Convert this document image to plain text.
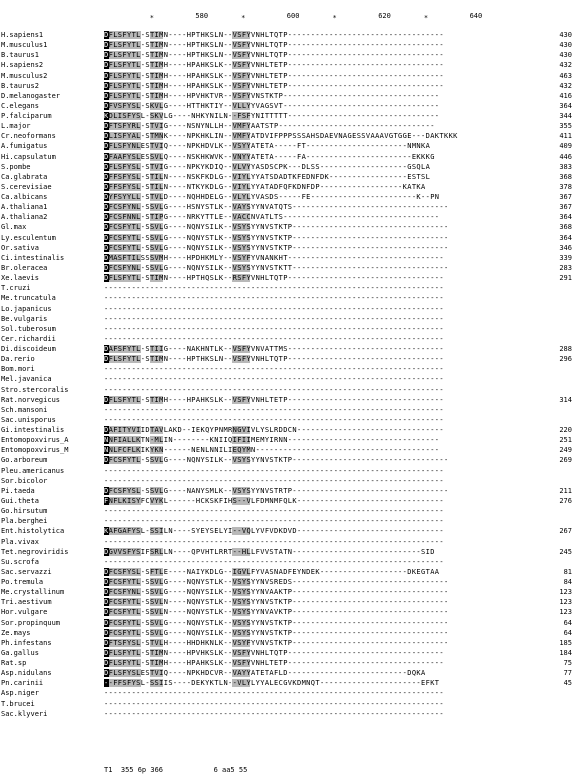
*	580	*	600	*	620	*	640
H.sapiens1	DFLSFYTL-STIMN----HPTHKSLN--VSFYVNHLTQTP----------------------------------	430
M.musculus1	DFLSFYTL-STIMN----HPTHKSLN--VSFYVNHLTQTP----------------------------------	430
B.taurus1	DFLSFYTL-STIMN----HPTHKSLN--VSFYVNHLTQTP----------------------------------	430
H.sapiens2	DFLSFYTL-STIMH----HPAHKSLK--VSFYVNHLTETP----------------------------------	432
M.musculus2	DFLSFYTL-STIMH----HPAHKSLK--VSFYVNHLTETP----------------------------------	463
B.taurus2	DFLSFYTL-STIMH----HPAHKSLK--VSFYVNHLTETP----------------------------------	432
D.melanogaster	DFLSFYTL-STIMH----HPVHKTVR--VSFYVNSTKTP----------------------------------	416
C.elegans	DFVSFYSL-SKVLG----HTTHKTIY--VLLYYVAGSVT----------------------------------	364
P.falciparum	KDLISFYSL-SKVLG----NHKYNILN--FSFYNITTTTT---------------------------------	344
L.major	DFTSFYRL-STVIG----NSNYNLLH--VMFYAATSTP----------------------------------	355
Cr.neoformans	DLISFYAL-STMNK----NPKHKLIN--VMFYATDVIFPPPSSSAHSDAEVNAGESSVAAAVGTGGE---DAKTKKK	411
A.fumigatus	DFLSFYNLESTVIQ----NPKHDVLK--VSYYATETA-----FT----------------------NMNKA	409
Hi.capsulatum	DFAAFYSLESSVLQ----NSKHKWVK--VNYYATETA-----FA-----------------------EKKKG	446
S.pombe	DFLSFYSL-STVIG----NPKYKDIQ--VLVYYASDSCPK---DLSS-------------------GSQLA	383
Ca.glabrata	DFFSFYSL-STILN----NSKFKDLG--VIYLYYATSDADTKFEDNFDK-----------------ESTSL	368
S.cerevisiae	DFFSFYSL-STILN----NTKYKDLG--VIYLYYATADFQFKDNFDP------------------KATKA	378
Ca.albicans	DYFSYYLL-STVLD----NQHHDELG--VLYLYVASDS-----FE-----------------------K--PN	367
A.thaliana1	DFCSFYNL-SSVLG----HSNYSTLK--VAYSYYNVATQTS----------------------------------	367
A.thaliana2	DFCSFNNL-STIPG----NRKYTTLE--VACCNVATLTS----------------------------------	364
Gl.max	DFCSFYTL-SSVLG----NQNYSILK--VSYSYYNVSTKTP----------------------------------	368
Ly.esculentum	DFCSFYTL-SSVLG----NQNYSTLK--VSYSYYNVSTKTP----------------------------------	364
Or.sativa	DFCSFYTL-SSVLG----NQNYSILK--VSYSYYNVSTKTP----------------------------------	346
Ci.intestinalis	DMASFTILSSSVMH----HPDHKMLY--VSYFYVNANKHT----------------------------------	339
Br.oleracea	DFCSFYNL-SSVLG----NQNYSILK--VSYSYYNVSTKTT----------------------------------	283
Xe.laevis	DFLSFYTL-STIMN----HPTHQSLK--RSFYVNHLTQTP----------------------------------	291
T.cruzi	--------------------------------------------------------------------------
Me.truncatula	--------------------------------------------------------------------------
Lo.japanicus	--------------------------------------------------------------------------
Be.vulgaris	--------------------------------------------------------------------------
Sol.tuberosum	--------------------------------------------------------------------------
Cer.richardii	--------------------------------------------------------------------------
Di.discoideum	DAFSFYTL-STIIG----NAKHNTLK--VSFYVNVATTMS----------------------------------	288
Da.rerio	DFLSFYTL-STIMN----HPTHKSLN--VSFYVNHLTQTP----------------------------------	296
Bom.mori	--------------------------------------------------------------------------
Mel.javanica	--------------------------------------------------------------------------
Stro.stercoralis	--------------------------------------------------------------------------
Rat.norvegicus	DFLSFYTL-STIMH----HPAHKSLK--VSFYVNHLTETP----------------------------------	314
Sch.mansoni	--------------------------------------------------------------------------
Sac.unisporus	--------------------------------------------------------------------------
Gi.intestinalis	DAFITYVIIDTAVLAKD--IEKQYPNMRNGVIVLYSLRDDCN--------------------------------	220
Entomopoxvirus_A	NNFIALLKTN-MLIN--------KNIIQIFIIMEMYIRNN---------------------------------	251
Entomopoxvirus_M	NNLFCFLKIKYKN------NENLNNILIEQYMN----------------------------------------	249
Go.arboreum	DFCSFYTL-SSVLG----NQNYSILK--VSYSYYNVSTKTP----------------------------------	269
Pleu.americanus	--------------------------------------------------------------------------
Sor.bicolor	--------------------------------------------------------------------------
Pi.taeda	DFCSFYSL-SSVLG----NANYSMLK--VSYSYYNVSTRTP----------------------------------	211
Gui.theta	FNFLKISYFCVYKL------HCKSKFIHS--VLFDMNMFQLK--------------------------------	276
Go.hirsutum	--------------------------------------------------------------------------
Pla.berghei	--------------------------------------------------------------------------
Ent.histolytica	KAFGAFYSL-SSILN----SYEYSELYI--VQLYVFVDKDVD--------------------------------	267
Pla.vivax	--------------------------------------------------------------------------
Tet.negroviridis	DGVVSFYSIFSRLLN----QPVHTLRRT--HLLFVVSTATN----------------------------SID	245
Su.scrofa	--------------------------------------------------------------------------
Sac.servazzi	DFCSFYSL-SFTLE----NAIYKDLG--IGVLFYVASNADFEYNDEK-------------------DKEGTAA	81
Po.tremula	DFCSFYTL-SSVLG----NQNYSTLK--VSYSYYNVSREDS----------------------------------	84
Me.crystallinum	DFCSFYNL-SSVLG----NQNYSILK--VSYSYYNVAAKTP----------------------------------	123
Tri.aestivum	DFCSFYTL-SSVLN----NQNYSTLK--VSYSYYNVSTKTP----------------------------------	123
Hor.vulgare	DFCSFYTL-SSVLN----NQNYSTLK--VSYSYYNVAVKTP----------------------------------	123
Sor.propinquum	DFCSFYTL-SSVLG----NQNYSTLK--VSYSYYNVSTKTP----------------------------------	64
Ze.mays	DFCSFYTL-SSVLG----NQNYSILK--VSYSYYNVSTKTP----------------------------------	64
Ph.infestans	DFTSFYSL-STVLH----HHDHKNLK--VSYFYVNVSTKTP----------------------------------	185
Ga.gallus	DFLSFYTL-STIMN----HPVHKSLK--VSFYVNHLTQTP----------------------------------	184
Rat.sp	DFLSFYTL-STIMH----HPAHKSLK--VSFYVNHLTETP----------------------------------	75
Asp.nidulans	DFLSFYSLESTVIQ----NPKHDCVR--VAYYATETAFLD--------------------------DQKA	77
Pn.carinii	--FFSFYSL-SSIIS----DEKYKTLN--VLYLYYALECGVKDMNQT----------------------EFKT	45
Asp.niger	--------------------------------------------------------------------------
T.brucei	--------------------------------------------------------------------------
Sac.klyveri	--------------------------------------------------------------------------
T1  355 6p 366            6 aa5 55
